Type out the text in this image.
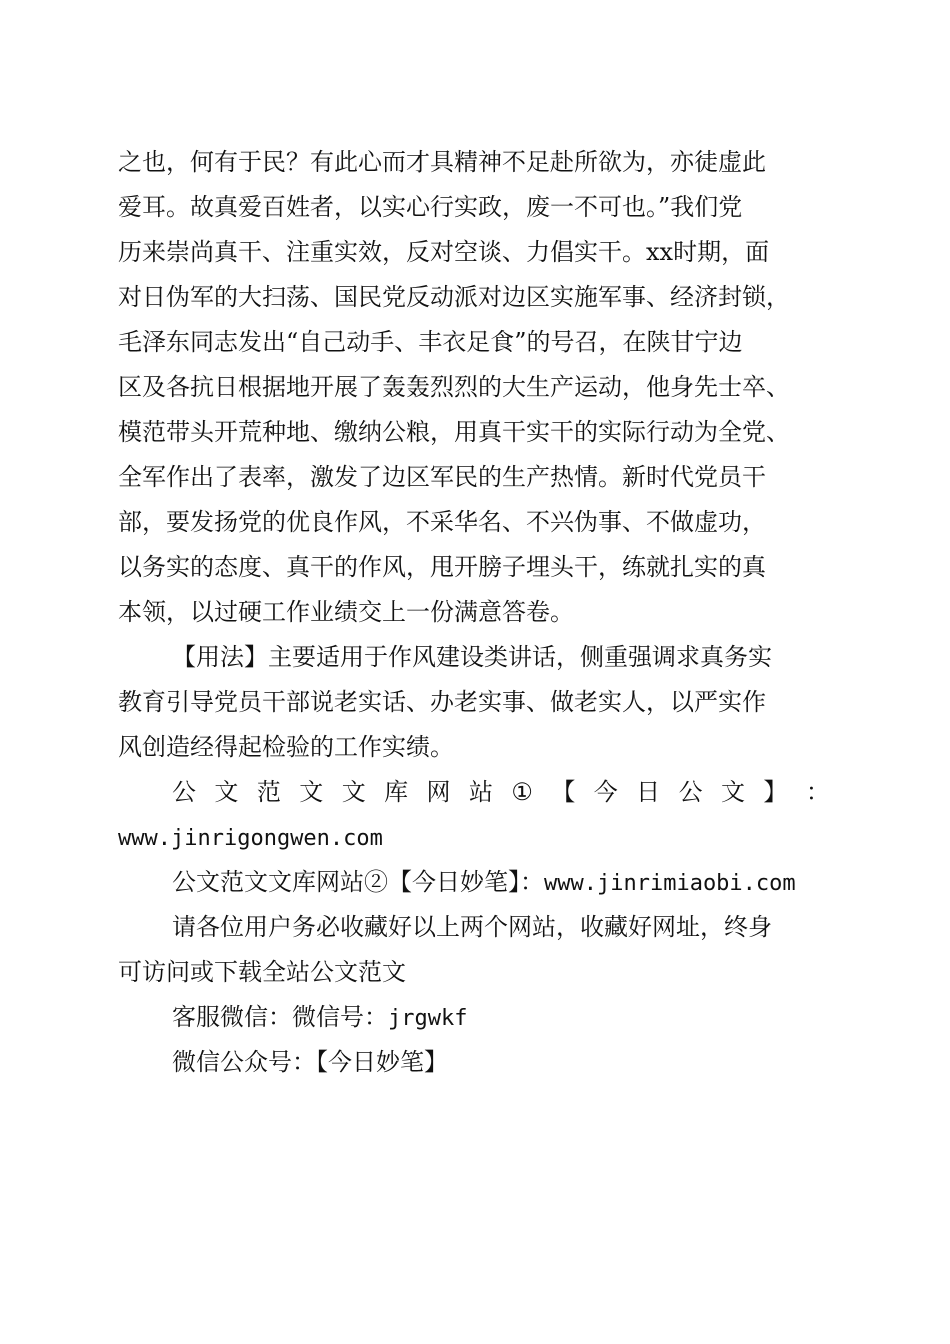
之也，何有于民？有此心而才具精神不足赴所欲为，亦徒虚此
爱耳。故真爱百姓者，以实心行实政，废一不可也。”我们党
历来崇尚真干、注重实效，反对空谈、力倡实干。xx时期，面
对日伪军的大扫荡、国民党反动派对边区实施军事、经济封锁，
毛泽东同志发出“自己动手、丰衣足食”的号召，在陕甘宁边
区及各抗日根据地开展了轰轰烈烈的大生产运动，他身先士卒、
模范带头开荒种地、缴纳公粮，用真干实干的实际行动为全党、
全军作出了表率，激发了边区军民的生产热情。新时代党员干
部，要发扬党的优良作风，不采华名、不兴伪事、不做虚功，
以务实的态度、真干的作风，甩开膀子埋头干，练就扎实的真
本领，以过硬工作业绩交上一份满意答卷。
【用法】主要适用于作风建设类讲话，侧重强调求真务实
教育引导党员干部说老实话、办老实事、做老实人，以严实作
风创造经得起检验的工作实绩。
公 文 范 文 文 库 网 站 ① 【 今 日 公 文 】 ：
www.jinrigongwen.com
公文范文文库网站②【今日妙笔】：www.jinrimiaobi.com
请各位用户务必收藏好以上两个网站，收藏好网址，终身
可访问或下载全站公文范文
客服微信：微信号：jrgwkf
微信公众号：【今日妙笔】
